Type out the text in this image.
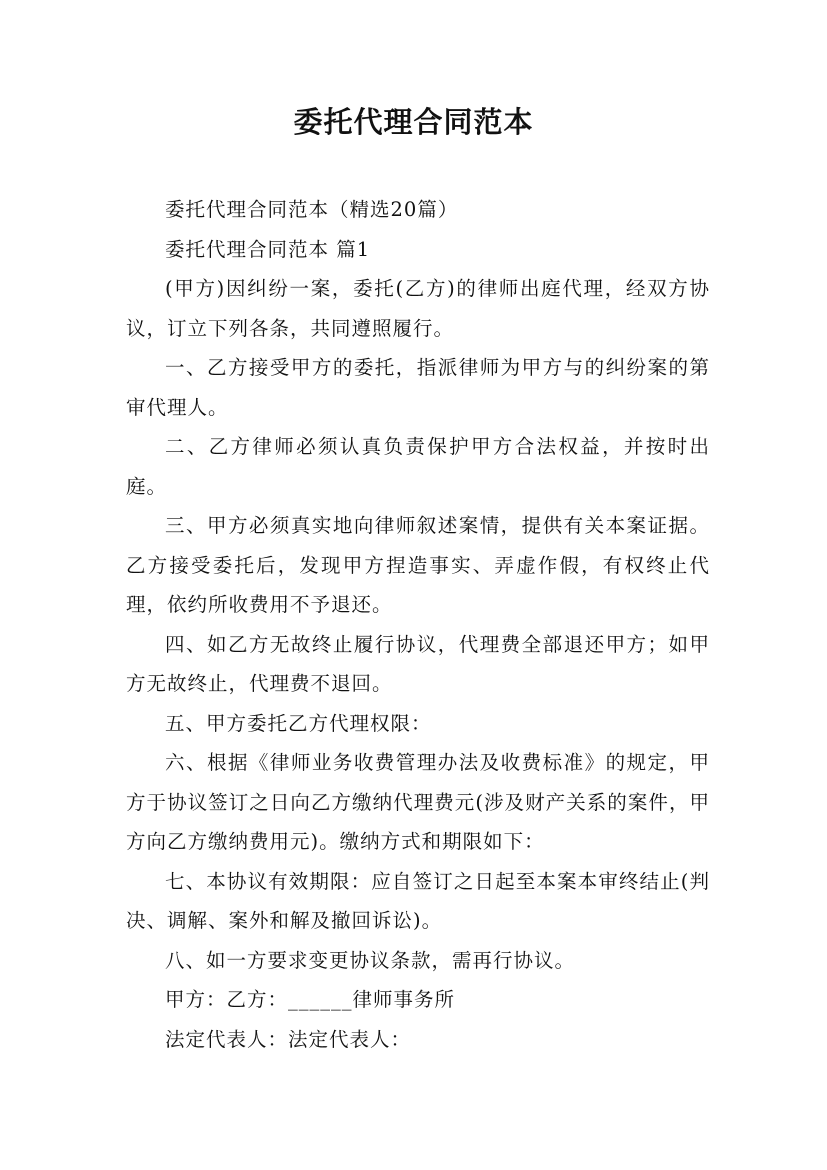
委托代理合同范本

委托代理合同范本（精选20篇）

委托代理合同范本 篇1

(甲方)因纠纷一案，委托(乙方)的律师出庭代理，经双方协议，订立下列各条，共同遵照履行。

一、乙方接受甲方的委托，指派律师为甲方与的纠纷案的第审代理人。

二、乙方律师必须认真负责保护甲方合法权益，并按时出庭。

三、甲方必须真实地向律师叙述案情，提供有关本案证据。乙方接受委托后，发现甲方捏造事实、弄虚作假，有权终止代理，依约所收费用不予退还。

四、如乙方无故终止履行协议，代理费全部退还甲方；如甲方无故终止，代理费不退回。

五、甲方委托乙方代理权限：

六、根据《律师业务收费管理办法及收费标准》的规定，甲方于协议签订之日向乙方缴纳代理费元(涉及财产关系的案件，甲方向乙方缴纳费用元)。缴纳方式和期限如下：

七、本协议有效期限：应自签订之日起至本案本审终结止(判决、调解、案外和解及撤回诉讼)。

八、如一方要求变更协议条款，需再行协议。

甲方：乙方：______律师事务所

法定代表人：法定代表人：
